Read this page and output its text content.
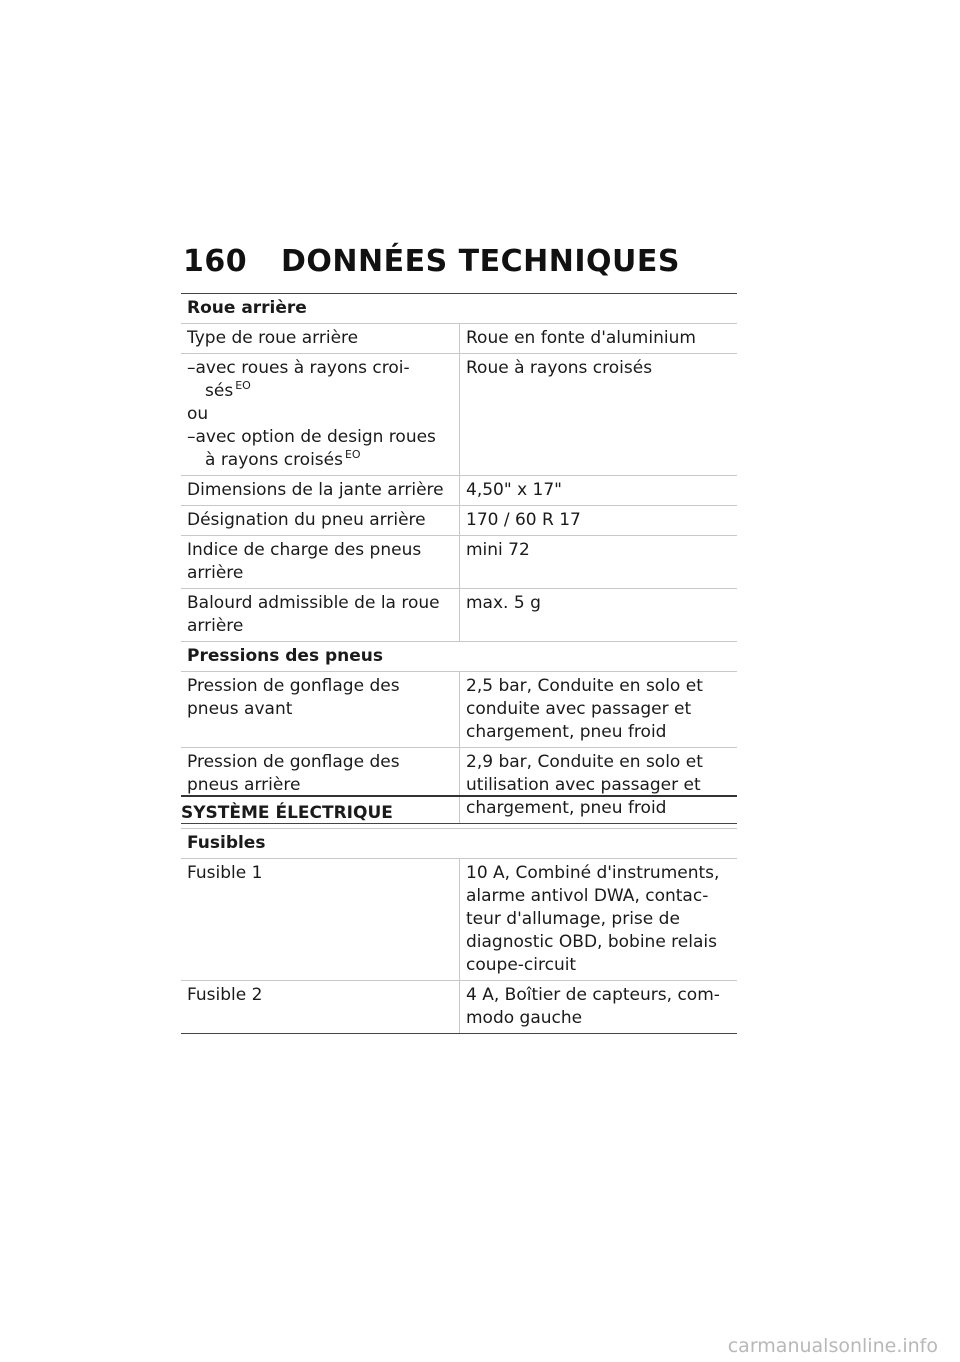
160 DONNÉES TECHNIQUES
Roue arrière	
Type de roue arrière	Roue en fonte d'aluminium

–avec roues à rayons croi-
sés $^{EO}$
ou
–avec option de design roues
à rayons croisés $^{EO}$	Roue à rayons croisés
Dimensions de la jante arrière	4,50" x 17"
Désignation du pneu arrière	170 / 60 R 17
Indice de charge des pneus arrière	mini 72
Balourd admissible de la roue arrière	max. 5 g
Pressions des pneus	
Pression de gonflage des pneus avant	2,5 bar, Conduite en solo et conduite avec passager et chargement, pneu froid
Pression de gonflage des pneus arrière	2,9 bar, Conduite en solo et utilisation avec passager et chargement, pneu froid
SYSTÈME ÉLECTRIQUE
Fusibles	
Fusible 1	10 A, Combiné d'instruments, alarme antivol DWA, contac-teur d'allumage, prise de diagnostic OBD, bobine relais coupe-circuit
Fusible 2	4 A, Boîtier de capteurs, com-modo gauche
carmanualsonline.info
